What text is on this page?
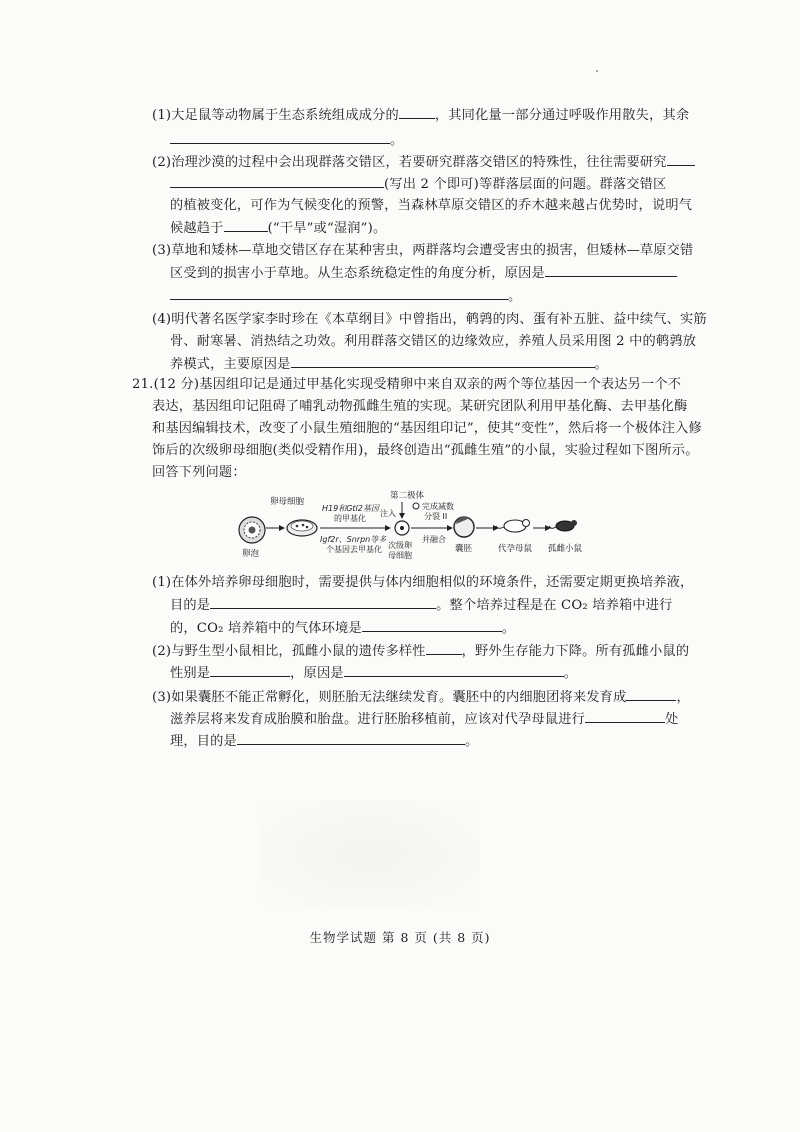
(1)大足鼠等动物属于生态系统组成成分的	，其同化量一部分通过呼吸作用散失，其余
。
(2)治理沙漠的过程中会出现群落交错区，若要研究群落交错区的特殊性，往往需要研究
(写出 2 个即可)等群落层面的问题。群落交错区
的植被变化，可作为气候变化的预警，当森林草原交错区的乔木越来越占优势时，说明气
候越趋于	(“干旱”或“湿润”)。
(3)草地和矮林—草地交错区存在某种害虫，两群落均会遭受害虫的损害，但矮林—草原交错
区受到的损害小于草地。从生态系统稳定性的角度分析，原因是
。
(4)明代著名医学家李时珍在《本草纲目》中曾指出，鹌鹑的肉、蛋有补五脏、益中续气、实筋
骨、耐寒暑、消热结之功效。利用群落交错区的边缘效应，养殖人员采用图 2 中的鹌鹑放
养模式，主要原因是	。
21.(12 分)基因组印记是通过甲基化实现受精卵中来自双亲的两个等位基因一个表达另一个不
表达，基因组印记阻碍了哺乳动物孤雌生殖的实现。某研究团队利用甲基化酶、去甲基化酶
和基因编辑技术，改变了小鼠生殖细胞的“基因组印记”，使其“变性”，然后将一个极体注入修
饰后的次级卵母细胞(类似受精作用)，最终创造出“孤雌生殖”的小鼠，实验过程如下图所示。
回答下列问题：
卵泡
卵母细胞
H19和Gtl2基因
的甲基化
Igf2r、Snrpn等多
个基因去甲基化
第二极体
注入
次级卵
母细胞
完成减数
分裂 II
并融合
囊胚	代孕母鼠 孤雌小鼠
(1)在体外培养卵母细胞时，需要提供与体内细胞相似的环境条件，还需要定期更换培养液，
目的是	。整个培养过程是在 CO₂ 培养箱中进行
的，CO₂ 培养箱中的气体环境是	。
(2)与野生型小鼠相比，孤雌小鼠的遗传多样性	，野外生存能力下降。所有孤雌小鼠的
性别是	，原因是	。
(3)如果囊胚不能正常孵化，则胚胎无法继续发育。囊胚中的内细胞团将来发育成	，
滋养层将来发育成胎膜和胎盘。进行胚胎移植前，应该对代孕母鼠进行	处
理，目的是	。
生物学试题 第 8 页 (共 8 页)
